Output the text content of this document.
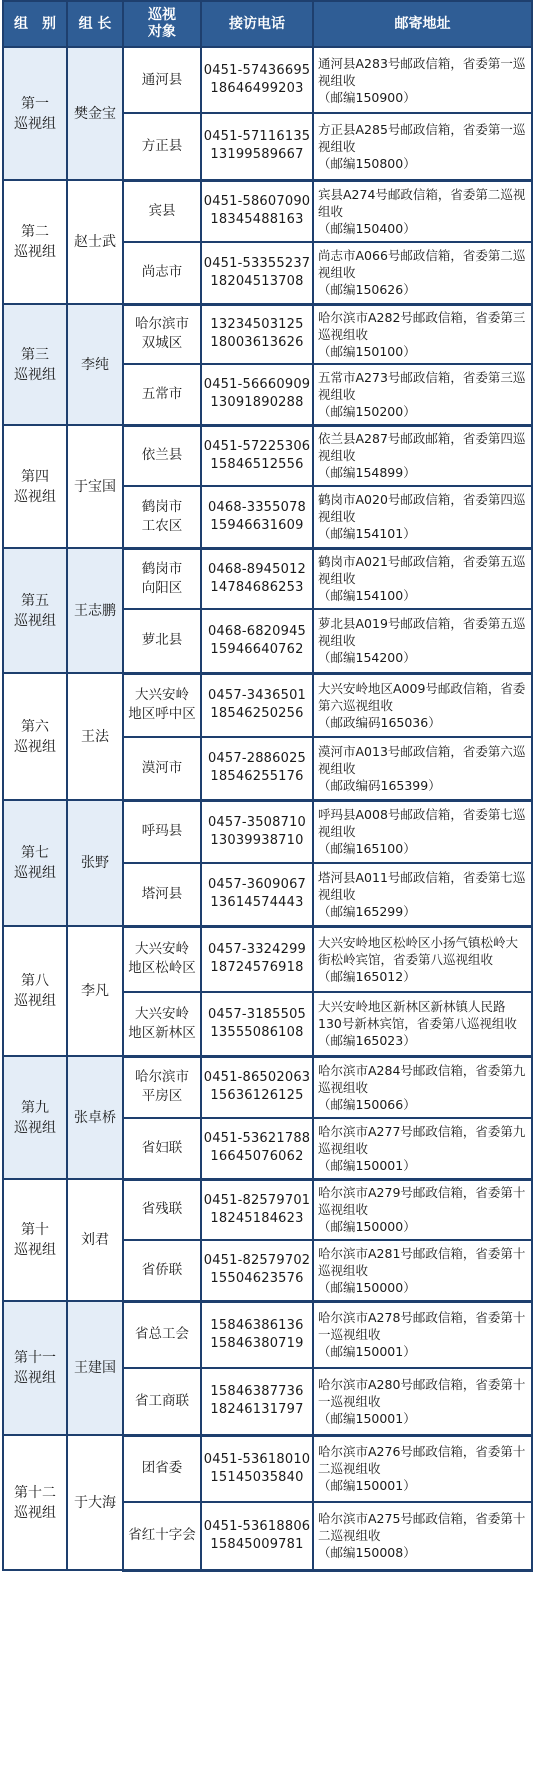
组　别	组 长	巡视
对象	接访电话	邮寄地址
第一
巡视组	樊金宝	通河县	0451-57436695
18646499203	通河县A283号邮政信箱，省委第一巡视组收
（邮编150900）
		方正县	0451-57116135
13199589667	方正县A285号邮政信箱，省委第一巡视组收
（邮编150800）
第二
巡视组	赵士武	宾县	0451-58607090
18345488163	宾县A274号邮政信箱，省委第二巡视组收
（邮编150400）
		尚志市	0451-53355237
18204513708	尚志市A066号邮政信箱，省委第二巡视组收
（邮编150626）
第三
巡视组	李纯	哈尔滨市
双城区	13234503125
18003613626	哈尔滨市A282号邮政信箱，省委第三巡视组收
（邮编150100）
		五常市	0451-56660909
13091890288	五常市A273号邮政信箱，省委第三巡视组收
（邮编150200）
第四
巡视组	于宝国	依兰县	0451-57225306
15846512556	依兰县A287号邮政邮箱，省委第四巡视组收
（邮编154899）
		鹤岗市
工农区	0468-3355078
15946631609	鹤岗市A020号邮政信箱，省委第四巡视组收
（邮编154101）
第五
巡视组	王志鹏	鹤岗市
向阳区	0468-8945012
14784686253	鹤岗市A021号邮政信箱，省委第五巡视组收
（邮编154100）
		萝北县	0468-6820945
15946640762	萝北县A019号邮政信箱，省委第五巡视组收
（邮编154200）
第六
巡视组	王法	大兴安岭
地区呼中区	0457-3436501
18546250256	大兴安岭地区A009号邮政信箱，省委第六巡视组收
（邮政编码165036）
		漠河市	0457-2886025
18546255176	漠河市A013号邮政信箱，省委第六巡视组收
（邮政编码165399）
第七
巡视组	张野	呼玛县	0457-3508710
13039938710	呼玛县A008号邮政信箱，省委第七巡视组收
（邮编165100）
		塔河县	0457-3609067
13614574443	塔河县A011号邮政信箱，省委第七巡视组收
（邮编165299）
第八
巡视组	李凡	大兴安岭
地区松岭区	0457-3324299
18724576918	大兴安岭地区松岭区小扬气镇松岭大街松岭宾馆，省委第八巡视组收
（邮编165012）
		大兴安岭
地区新林区	0457-3185505
13555086108	大兴安岭地区新林区新林镇人民路130号新林宾馆，省委第八巡视组收
（邮编165023）
第九
巡视组	张卓桥	哈尔滨市
平房区	0451-86502063
15636126125	哈尔滨市A284号邮政信箱，省委第九巡视组收
（邮编150066）
		省妇联	0451-53621788
16645076062	哈尔滨市A277号邮政信箱，省委第九巡视组收
（邮编150001）
第十
巡视组	刘君	省残联	0451-82579701
18245184623	哈尔滨市A279号邮政信箱，省委第十巡视组收
（邮编150000）
		省侨联	0451-82579702
15504623576	哈尔滨市A281号邮政信箱，省委第十巡视组收
（邮编150000）
第十一
巡视组	王建国	省总工会	15846386136
15846380719	哈尔滨市A278号邮政信箱，省委第十一巡视组收
（邮编150001）
		省工商联	15846387736
18246131797	哈尔滨市A280号邮政信箱，省委第十一巡视组收
（邮编150001）
第十二
巡视组	于大海	团省委	0451-53618010
15145035840	哈尔滨市A276号邮政信箱，省委第十二巡视组收
（邮编150001）
		省红十字会	0451-53618806
15845009781	哈尔滨市A275号邮政信箱，省委第十二巡视组收
（邮编150008）
